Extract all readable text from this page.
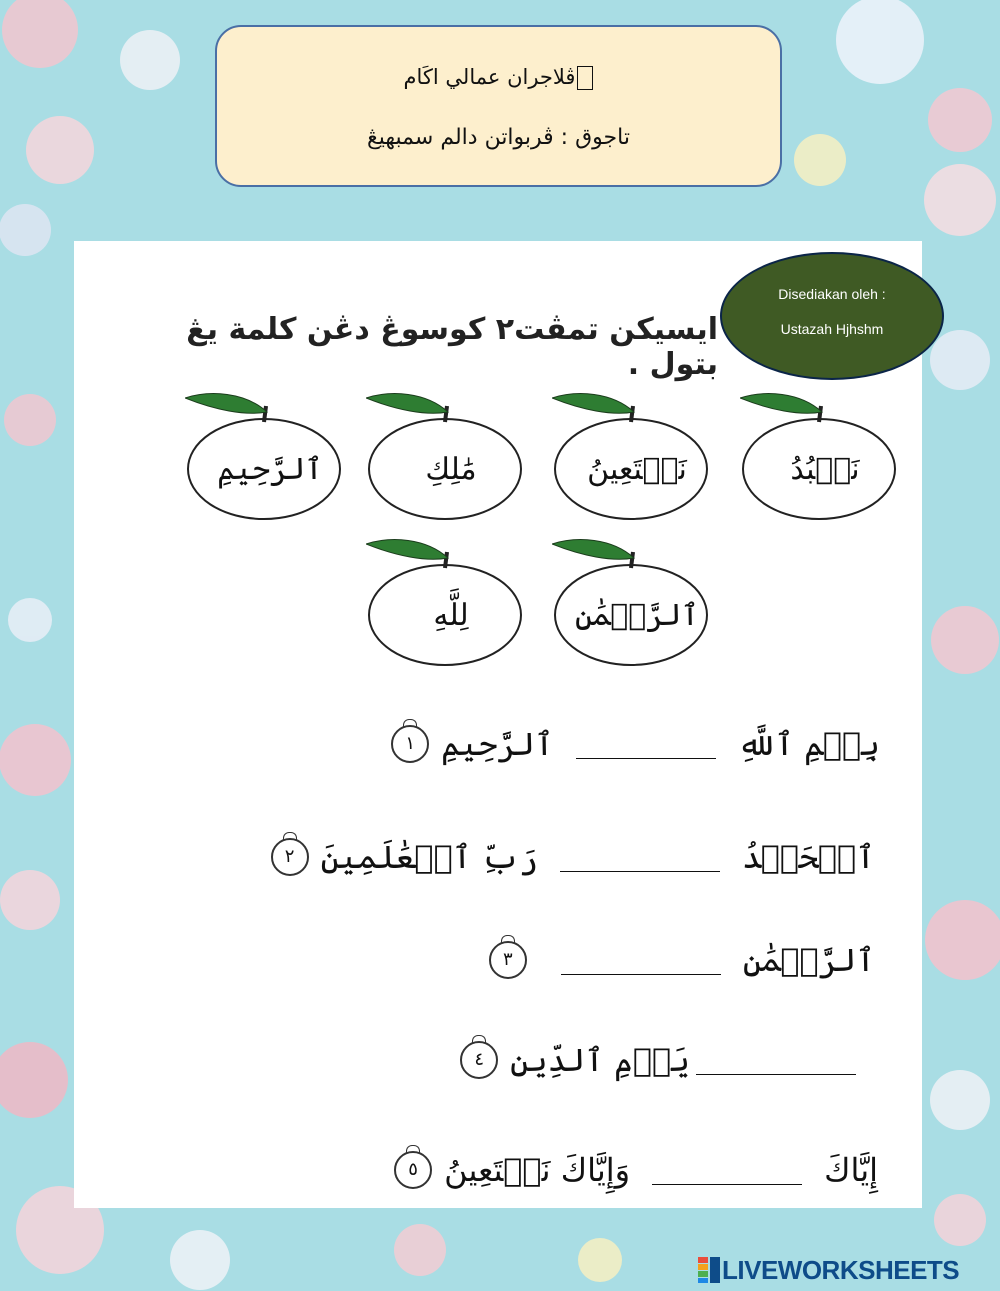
ڤلاجران عمالي اكَام
تاجوق : ڤربواتن دالم سمبهيڠ
ايسيكن تمڤت٢ كوسوڠ دڠن كلمة يڠ بتول .
Disediakan oleh :
Ustazah Hjhshm
نَعۡبُدُ
نَسۡتَعِينُ
مَٰلِكِ
ٱلرَّحِيمِ
ٱلرَّحۡمَٰنِ
لِلَّهِ
بِسۡمِ ٱللَّهِٱلرَّحِيمِ١
ٱلۡحَمۡدُرَبِّ ٱلۡعَٰلَمِينَ٢
ٱلرَّحۡمَٰنِ٣
يَوۡمِ ٱلدِّينِ٤
إِيَّاكَوَإِيَّاكَ نَسۡتَعِينُ٥
LIVEWORKSHEETS
